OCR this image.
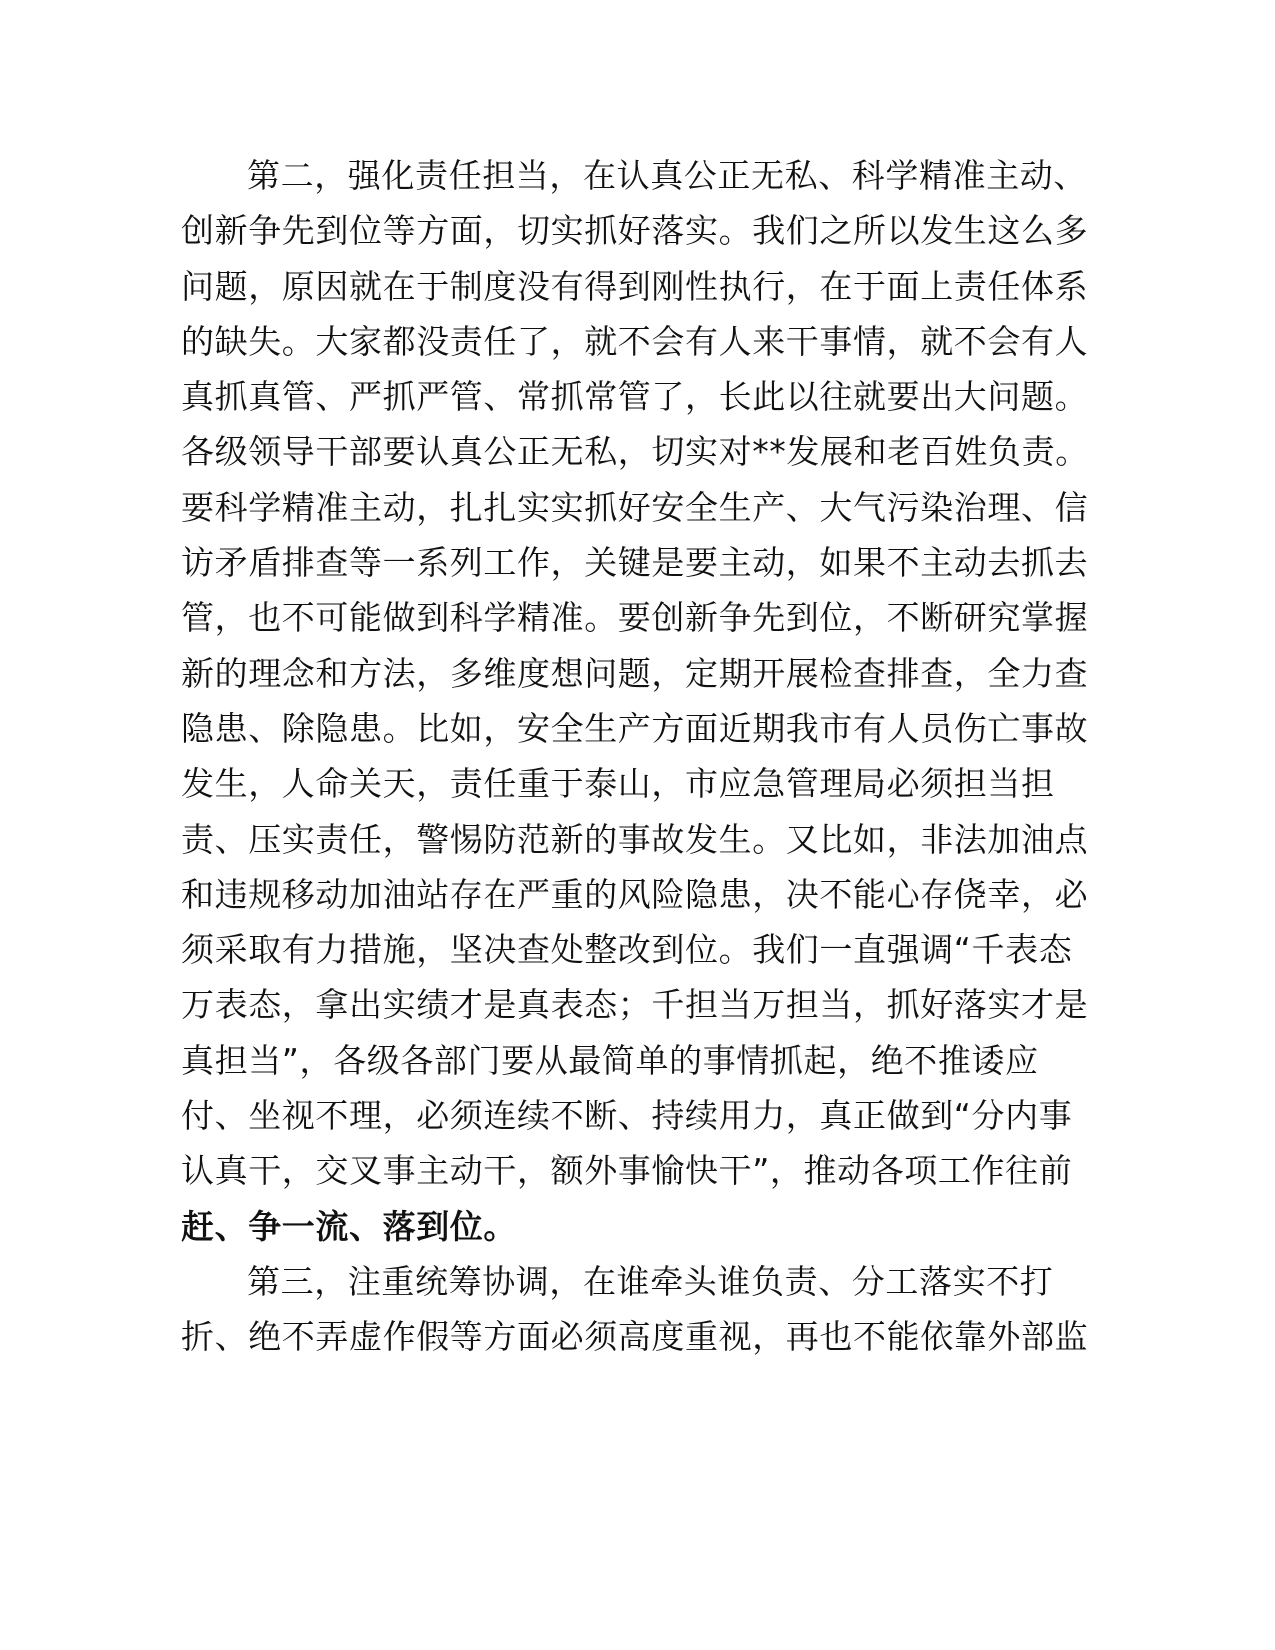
第二，强化责任担当，在认真公正无私、科学精准主动、
创新争先到位等方面，切实抓好落实。我们之所以发生这么多
问题，原因就在于制度没有得到刚性执行，在于面上责任体系
的缺失。大家都没责任了，就不会有人来干事情，就不会有人
真抓真管、严抓严管、常抓常管了，长此以往就要出大问题。
各级领导干部要认真公正无私，切实对**发展和老百姓负责。
要科学精准主动，扎扎实实抓好安全生产、大气污染治理、信
访矛盾排查等一系列工作，关键是要主动，如果不主动去抓去
管，也不可能做到科学精准。要创新争先到位，不断研究掌握
新的理念和方法，多维度想问题，定期开展检查排查，全力查
隐患、除隐患。比如，安全生产方面近期我市有人员伤亡事故
发生，人命关天，责任重于泰山，市应急管理局必须担当担
责、压实责任，警惕防范新的事故发生。又比如，非法加油点
和违规移动加油站存在严重的风险隐患，决不能心存侥幸，必
须采取有力措施，坚决查处整改到位。我们一直强调“千表态
万表态，拿出实绩才是真表态；千担当万担当，抓好落实才是
真担当”，各级各部门要从最简单的事情抓起，绝不推诿应
付、坐视不理，必须连续不断、持续用力，真正做到“分内事
认真干，交叉事主动干，额外事愉快干”，推动各项工作往前
赶、争一流、落到位。
第三，注重统筹协调，在谁牵头谁负责、分工落实不打
折、绝不弄虚作假等方面必须高度重视，再也不能依靠外部监
